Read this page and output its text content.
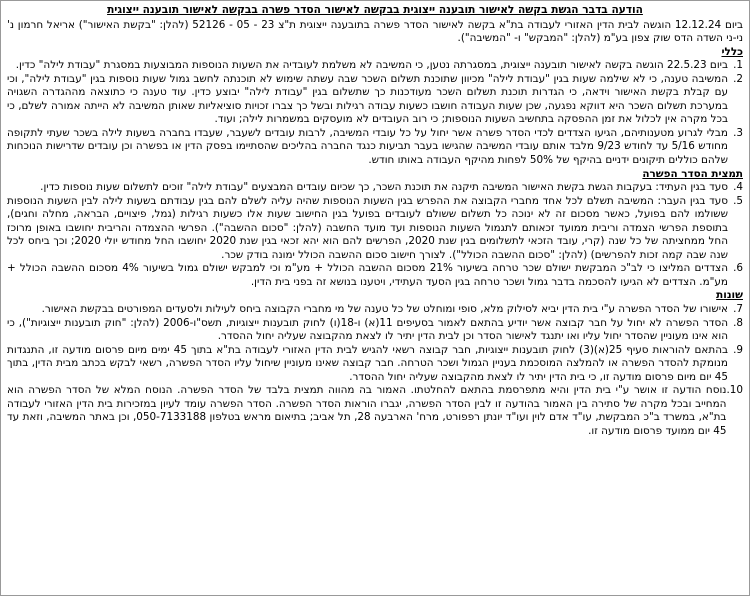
הודעה בדבר הגשת בקשה לאישור תובענה ייצוגית בבקשה לאישור הסדר פשרה בבקשה לאישור תובענה ייצוגית
ביום 12.12.24 הוגשה לבית הדין האזורי לעבודה בת"א בקשה לאישור הסדר פשרה בתובענה ייצוגית ת"צ 23 - 05 - 52126 (להלן: "בקשת האישור") אריאל חרמון נ' ני-ני השדה הדס שוק צפון בע"מ (להלן: "המבקש" ו- "המשיבה").
כללי
1.
ביום 22.5.23 הוגשה בקשה לאישור תובענה ייצוגית, במסגרתה נטען, כי המשיבה לא משלמת לעובדיה את השעות הנוספות המבוצעות במסגרת "עבודת לילה" כדין.
2.
המשיבה טענה, כי לא שילמה שעות בגין "עבודת לילה" מכיוון שתוכנת תשלום השכר שבה עשתה שימוש לא תוכנתה לחשב גמול שעות נוספות בגין "עבודת לילה", וכי עם קבלת בקשת האישור וידאה, כי הגדרות תוכנת תשלום השכר מעודכנות כך שתשלום בגין "עבודת לילה" יבוצע כדין. עוד טענה כי כתוצאה מההגדרה השגויה במערכת תשלום השכר היא דווקא נפגעה, שכן שעות העבודה חושבו כשעות עבודה רגילות ובשל כך צברו זכויות סוציאליות שאותן המשיבה לא הייתה אמורה לשלם, כי בכל מקרה אין לכלול את זמן ההפסקה בתחשיב השעות הנוספות; כי רוב העובדים לא מועסקים במשמרות לילה; ועוד.
3.
מבלי לגרוע מטענותיהם, הגיעו הצדדים לכדי הסדר פשרה אשר יחול על כל עובדי המשיבה, לרבות עובדים לשעבר, שעבדו בחברה בשעות לילה בשכר שעתי לתקופה מחודש 5/16 עד לחודש 9/23 מלבד אותם עובדי המשיבה שהגישו בעבר תביעות כנגד החברה בהליכים שהסתיימו בפסק הדין או בפשרה וכן עובדים שדרישות הנוכחות שלהם כוללים תיקונים ידניים בהיקף של 50% לפחות מהיקף העבודה באותו חודש.
תמצית הסדר הפשרה
4.
סעד בגין העתיד: בעקבות הגשת בקשת האישור המשיבה תיקנה את תוכנת השכר, כך שכיום עובדים המבצעים "עבודת לילה" זוכים לתשלום שעות נוספות כדין.
5.
סעד בגין העבר: המשיבה תשלם לכל אחד מחברי הקבוצה את ההפרש בגין השעות הנוספות שהיה עליה לשלם להם בגין עבודתם בשעות לילה לבין השעות הנוספות ששולמו להם בפועל, כאשר מסכום זה לא ינוכה כל תשלום ששולם לעובדים בפועל בגין החישוב שעות אלו כשעות רגילות (גמל, פיצויים, הבראה, מחלה וחגים), בתוספת הפרשי הצמדה וריבית ממועד זכאותם לתגמול השעות הנוספות ועד מועד החשבה (להלן: "סכום ההשבה"). הפרשי ההצמדה והריבית יחושבו באופן מרוכז החל ממחציתה של כל שנה (קרי, עובד הזכאי לתשלומים בגין שנת 2020, הפרשים להם הוא יהא זכאי בגין שנת 2020 יחושבו החל מחודש יולי 2020; וכך ביחס לכל שנה שבה קמה זכות להפרשים) (להלן: "סכום ההשבה הכולל"). לצורך חישוב סכום ההשבה הכולל ימונה בודק שכר.
6.
הצדדים המליצו כי לב"כ המבקשת ישולם שכר טרחה בשיעור 21% מסכום ההשבה הכולל + מע"מ וכי למבקש ישולם גמול בשיעור 4% מסכום ההשבה הכולל + מע"מ. הצדדים לא הגיעו להסכמה בדבר גמול ושכר טרחה בגין הסעד העתידי, ויטענו בנושא זה בפני בית הדין.
שונות
7.
אישורו של הסדר הפשרה ע"י בית הדין יביא לסילוק מלא, סופי ומוחלט של כל טענה של מי מחברי הקבוצה ביחס לעילות ולסעדים המפורטים בבקשת האישור.
8.
הסדר הפשרה לא יחול על חבר קבוצה אשר יודיע בהתאם לאמור בסעיפים 11(א) ו-18(ו) לחוק תובענות ייצוגיות, תשס"ו-2006 (להלן: "חוק תובענות ייצוגיות"), כי הוא אינו מעוניין שהסדר יחול עליו ואו יתנגד לאישור הסדר וכן לבית הדין יתיר לו לצאת מהקבוצה שעליה יחול ההסדר.
9.
בהתאם להוראות סעיף 25(א)(3) לחוק תובענות ייצוגיות, חבר קבוצה רשאי להגיש לבית הדין האזורי לעבודה בת"א בתוך 45 ימים מיום פרסום מודעה זו, התנגדות מנומקת להסדר הפשרה או להמלצה המוסכמת בעניין הגמול ושכר הטרחה. חבר קבוצה שאינו מעוניין שיחול עליו הסדר הפשרה, רשאי לבקש בכתב מבית הדין, בתוך 45 יום מיום פרסום מודעה זו, כי בית הדין יתיר לו לצאת מהקבוצה שעליה יחול ההסדר.
10.
נוסח הודעה זו אושר ע"י בית הדין והיא מתפרסמת בהתאם להחלטתו. האמור בה מהווה תמצית בלבד של הסדר הפשרה. הנוסח המלא של הסדר הפשרה הוא המחייב ובכל מקרה של סתירה בין האמור בהודעה זו לבין הסדר הפשרה, יגברו הוראות הסדר הפשרה. הסדר הפשרה עומד לעיון במזכירות בית הדין האזורי לעבודה בת"א, במשרד ב"כ המבקשת, עו"ד אדם לוין ועו"ד יונתן רפפורט, מרח' הארבעה 28, תל אביב; בתיאום מראש בטלפון 050-7133188, וכן באתר המשיבה, וזאת עד 45 יום ממועד פרסום מודעה זו.
